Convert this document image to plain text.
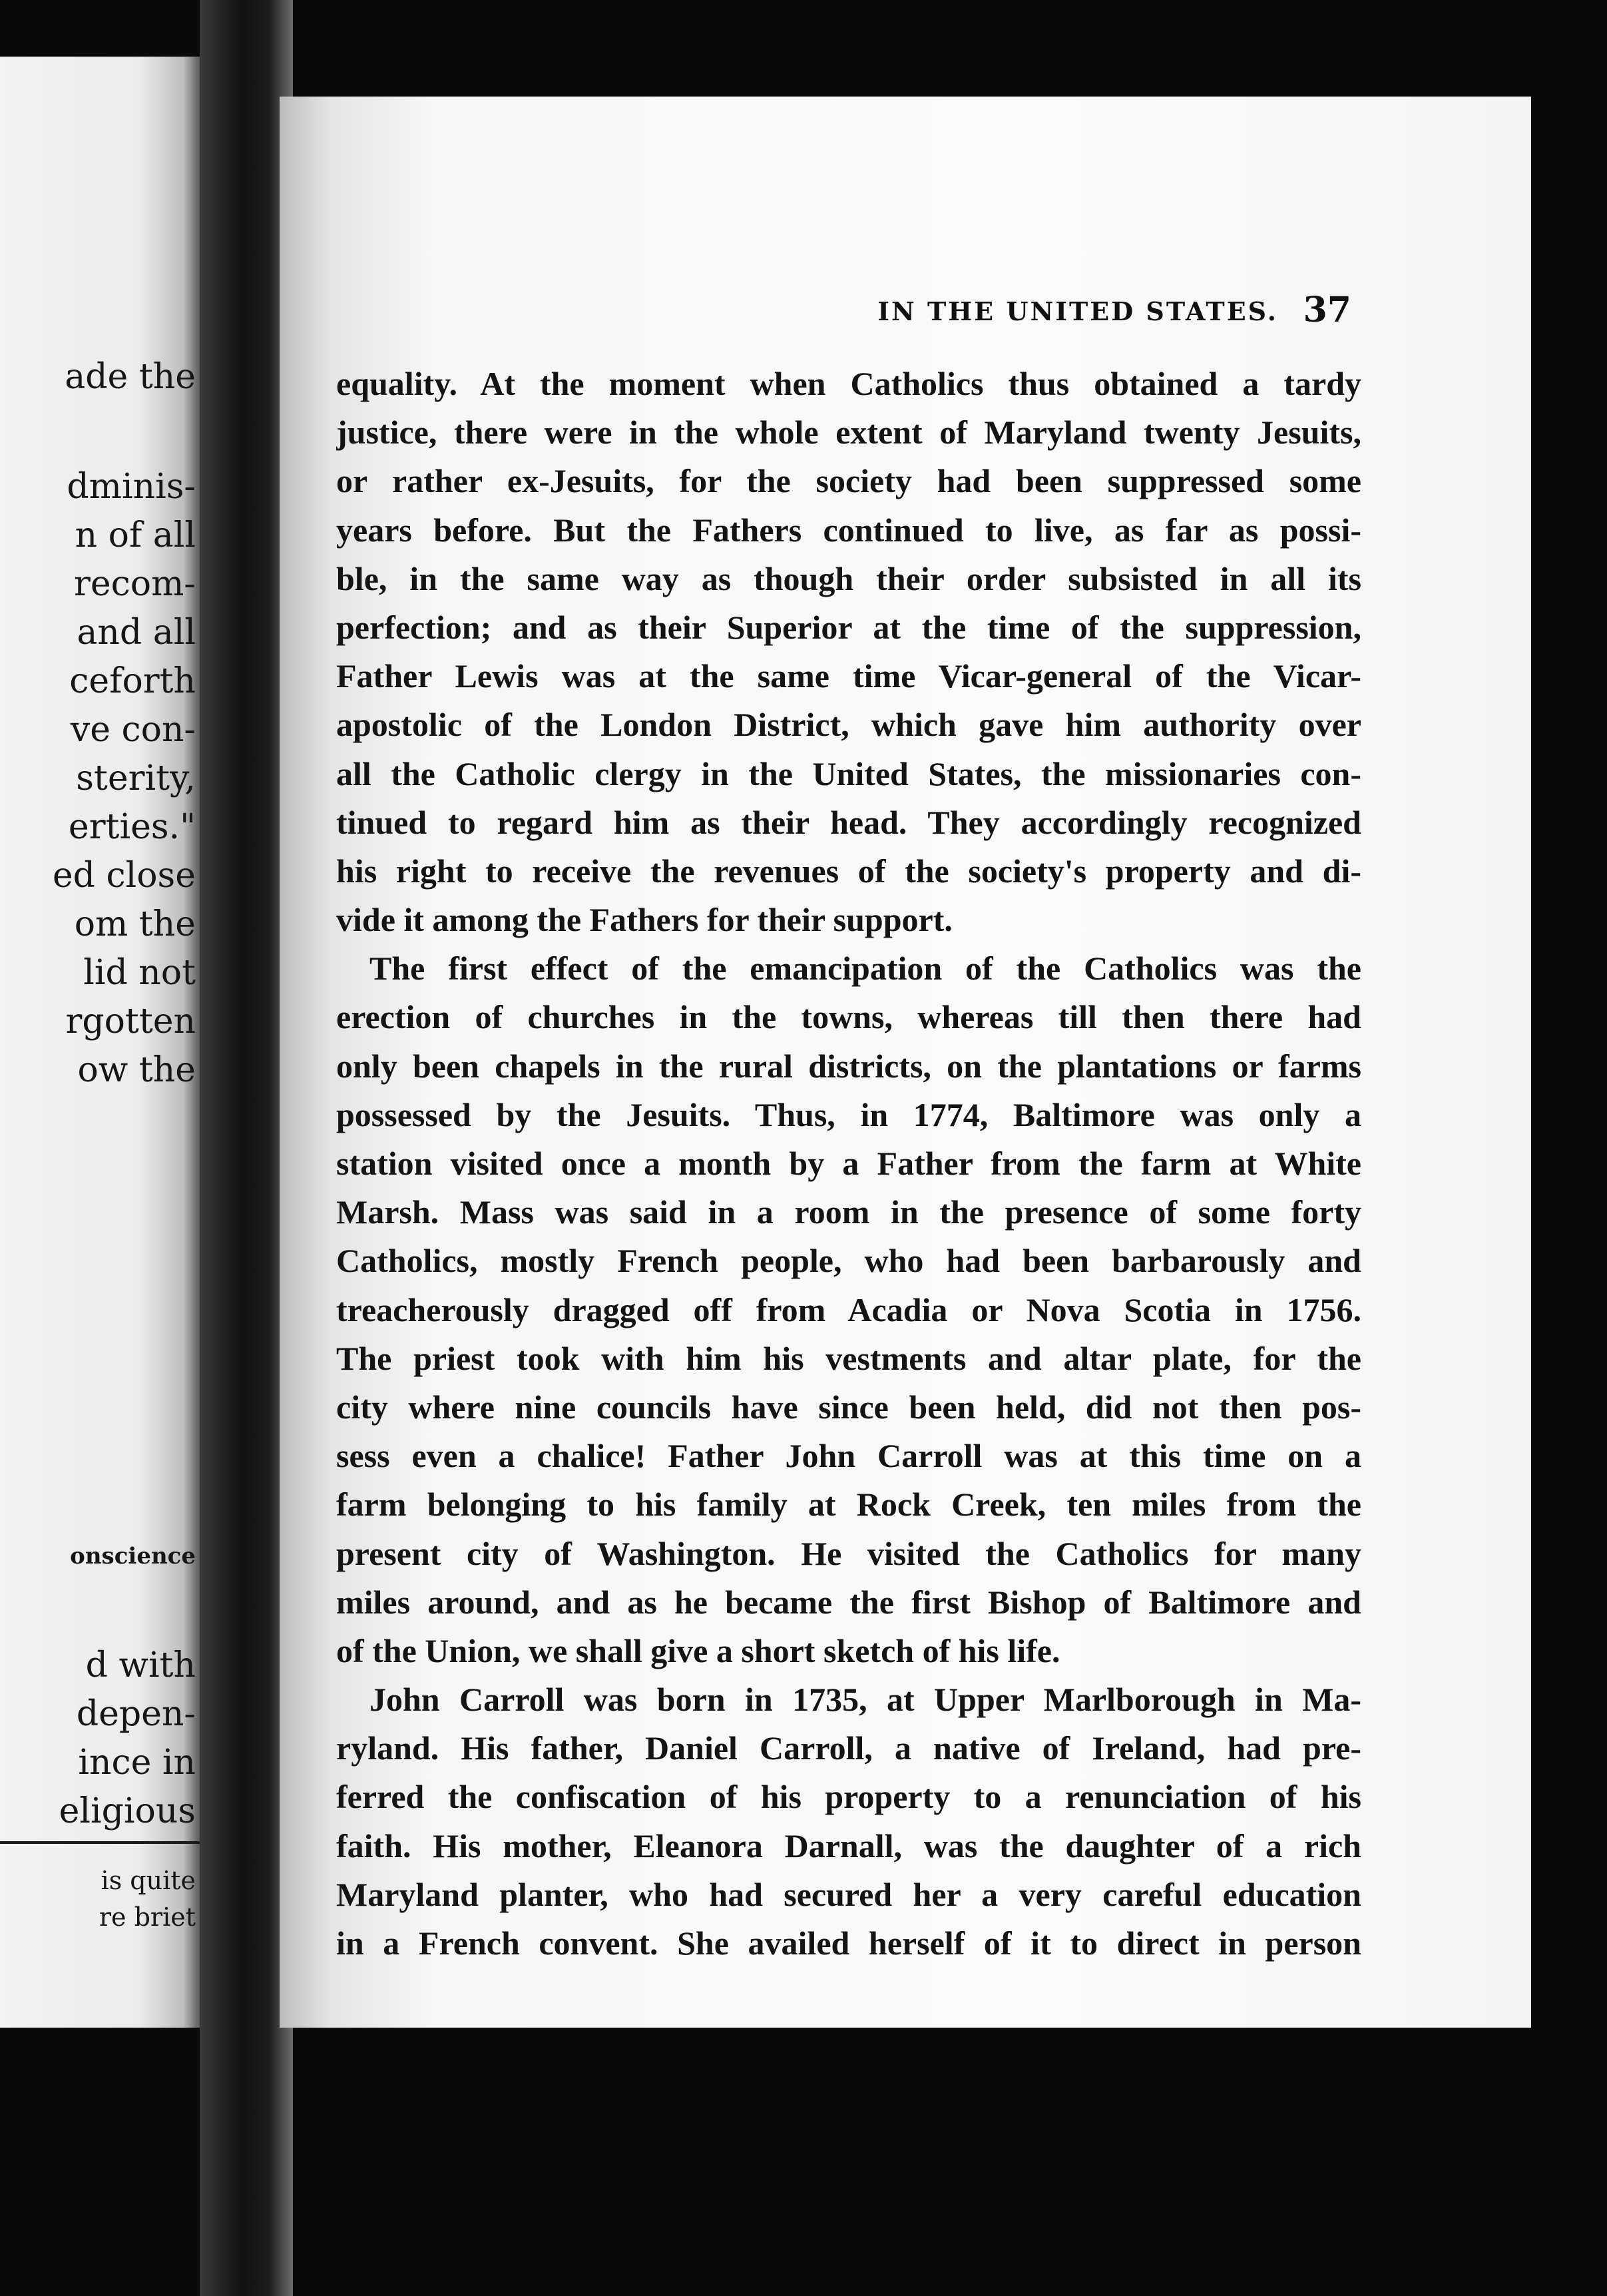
ade the
dminis-
n of all
recom-
and all
ceforth
ve con-
sterity,
erties."
ed close
om the
lid not
rgotten
ow the
onscience
d with
depen-
ince in
eligious
is quite
re briet
IN THE UNITED STATES. 37
equality. At the moment when Catholics thus obtained a tardy
justice, there were in the whole extent of Maryland twenty Jesuits,
or rather ex-Jesuits, for the society had been suppressed some
years before. But the Fathers continued to live, as far as possi-
ble, in the same way as though their order subsisted in all its
perfection; and as their Superior at the time of the suppression,
Father Lewis was at the same time Vicar-general of the Vicar-
apostolic of the London District, which gave him authority over
all the Catholic clergy in the United States, the missionaries con-
tinued to regard him as their head. They accordingly recognized
his right to receive the revenues of the society's property and di-
vide it among the Fathers for their support.
The first effect of the emancipation of the Catholics was the
erection of churches in the towns, whereas till then there had
only been chapels in the rural districts, on the plantations or farms
possessed by the Jesuits. Thus, in 1774, Baltimore was only a
station visited once a month by a Father from the farm at White
Marsh. Mass was said in a room in the presence of some forty
Catholics, mostly French people, who had been barbarously and
treacherously dragged off from Acadia or Nova Scotia in 1756.
The priest took with him his vestments and altar plate, for the
city where nine councils have since been held, did not then pos-
sess even a chalice! Father John Carroll was at this time on a
farm belonging to his family at Rock Creek, ten miles from the
present city of Washington. He visited the Catholics for many
miles around, and as he became the first Bishop of Baltimore and
of the Union, we shall give a short sketch of his life.
John Carroll was born in 1735, at Upper Marlborough in Ma-
ryland. His father, Daniel Carroll, a native of Ireland, had pre-
ferred the confiscation of his property to a renunciation of his
faith. His mother, Eleanora Darnall, was the daughter of a rich
Maryland planter, who had secured her a very careful education
in a French convent. She availed herself of it to direct in person
